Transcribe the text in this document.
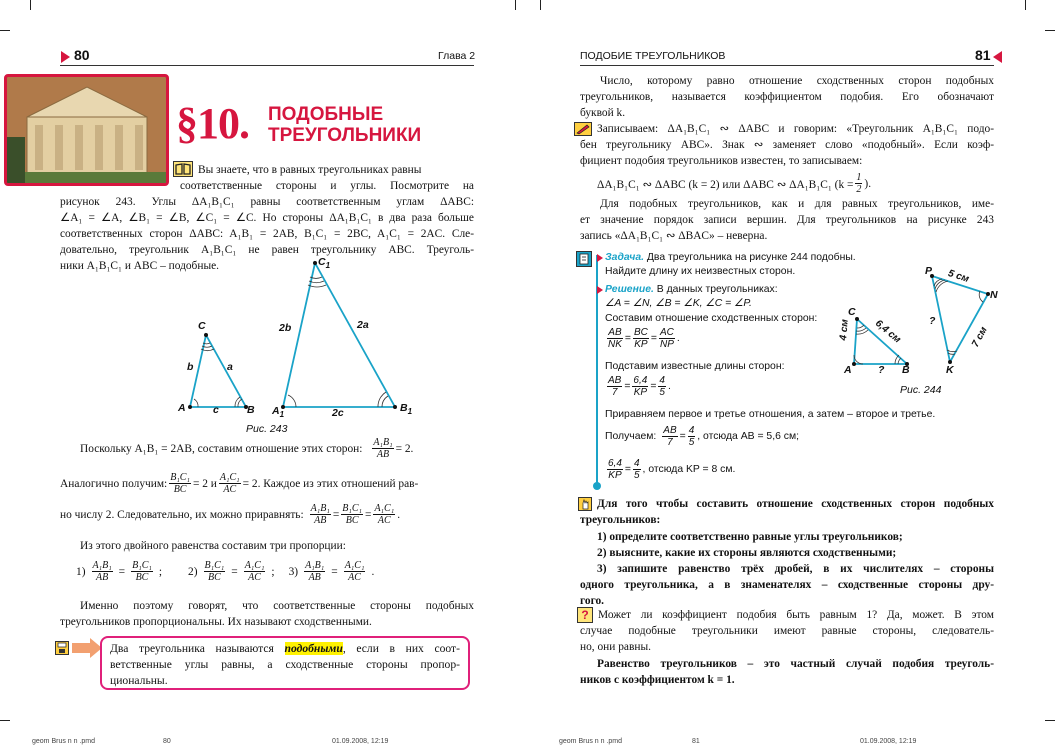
80	Глава 2
§10. ПОДОБНЫЕ
ТРЕУГОЛЬНИКИ
Вы знаете, что в равных треугольниках равны
соответственные стороны и углы. Посмотрите на
рисунок 243. Углы ΔA₁B₁C₁ равны соответственным углам ΔABC:
∠A₁ = ∠A, ∠B₁ = ∠B, ∠C₁ = ∠C. Но стороны ΔA₁B₁C₁ в два раза больше
соответственных сторон ΔABC: A₁B₁ = 2AB, B₁C₁ = 2BC, A₁C₁ = 2AC. Сле-
довательно, треугольник A₁B₁C₁ не равен треугольнику ABC. Треуголь-
ники A₁B₁C₁ и ABC – подобные.
C
A	B
b	a
c
$C_1$
$A_1$
$B_1$
2b	2a
2c
Рис. 243
Поскольку A₁B₁ = 2AB, составим отношение этих сторон: $\frac{\text{A₁B₁}}{AB} = 2$.
Аналогично получим: $\frac{\text{B₁C₁}}{BC} = 2$ и $\frac{\text{A₁C₁}}{AC} = 2$. Каждое из этих отношений рав-
но числу 2. Следовательно, их можно приравнять: $\frac{\text{A₁B₁}}{AB} = \frac{\text{B₁C₁}}{BC} = \frac{\text{A₁C₁}}{AC}$ .
Из этого двойного равенства составим три пропорции:
$1) \frac{\text{A₁B₁}}{AB} = \frac{\text{B₁C₁}}{BC}$ ; $2) \frac{\text{B₁C₁}}{BC} = \frac{\text{A₁C₁}}{AC}$ ; $3) \frac{\text{A₁B₁}}{AB} = \frac{\text{A₁C₁}}{AC}$ .
Именно поэтому говорят, что соответственные стороны подобных
треугольников пропорциональны. Их называют сходственными.
Два треугольника называются подобными, если в них соот-
ветственные углы равны, а сходственные стороны пропор-
циональны.
geom Brus n n .pmd	80	01.09.2008, 12:19
ПОДОБИЕ ТРЕУГОЛЬНИКОВ	81
Число, которому равно отношение сходственных сторон подобных
треугольников, называется коэффициентом подобия. Его обозначают
буквой k.
Записываем: ΔA₁B₁C₁ ∾ ΔABC и говорим: «Треугольник A₁B₁C₁ подо-
бен треугольнику ABC». Знак ∾ заменяет слово «подобный». Если коэф-
фициент подобия треугольников известен, то записываем:
ΔA₁B₁C₁ ∾ ΔABC (k = 2) или ΔABC ∾ ΔA₁B₁C₁ ($k = \frac{1}{2}$ ).
Для подобных треугольников, как и для равных треугольников, име-
ет значение порядок записи вершин. Для треугольников на рисунке 243
запись «ΔA₁B₁C₁ ∾ ΔBAC» – неверна.
Задача. Два треугольника на рисунке 244 подобны.
Найдите длину их неизвестных сторон.
Решение. В данных треугольниках:
∠A = ∠N, ∠B = ∠K, ∠C = ∠P.
Составим отношение сходственных сторон:
$\frac{AB}{NK} = \frac{BC}{KP} = \frac{AC}{NP}$ .
Подставим известные длины сторон:
$\frac{AB}{7} = \frac{6,4}{KP} = \frac{4}{5}$ .
Приравняем первое и третье отношения, а затем – второе и третье.
Получаем: $\frac{AB}{7} = \frac{4}{5}$ , отсюда AB = 5,6 см;
$\frac{6,4}{KP} = \frac{4}{5}$ , отсюда KP = 8 см.
C
A	B
4 см 6,4 см
?
P
N
K
5 см
7 см
?
Рис. 244
Для того чтобы составить отношение сходственных сторон подобных
треугольников:
1) определите соответственно равные углы треугольников;
2) выясните, какие их стороны являются сходственными;
3) запишите равенство трёх дробей, в их числителях – стороны
одного треугольника, а в знаменателях – сходственные стороны дру-
гого.
? Может ли коэффициент подобия быть равным 1? Да, может. В этом
случае подобные треугольники имеют равные стороны, следователь-
но, они равны.
Равенство треугольников – это частный случай подобия треуголь-
ников с коэффициентом k = 1.
geom Brus n n .pmd	81	01.09.2008, 12:19
